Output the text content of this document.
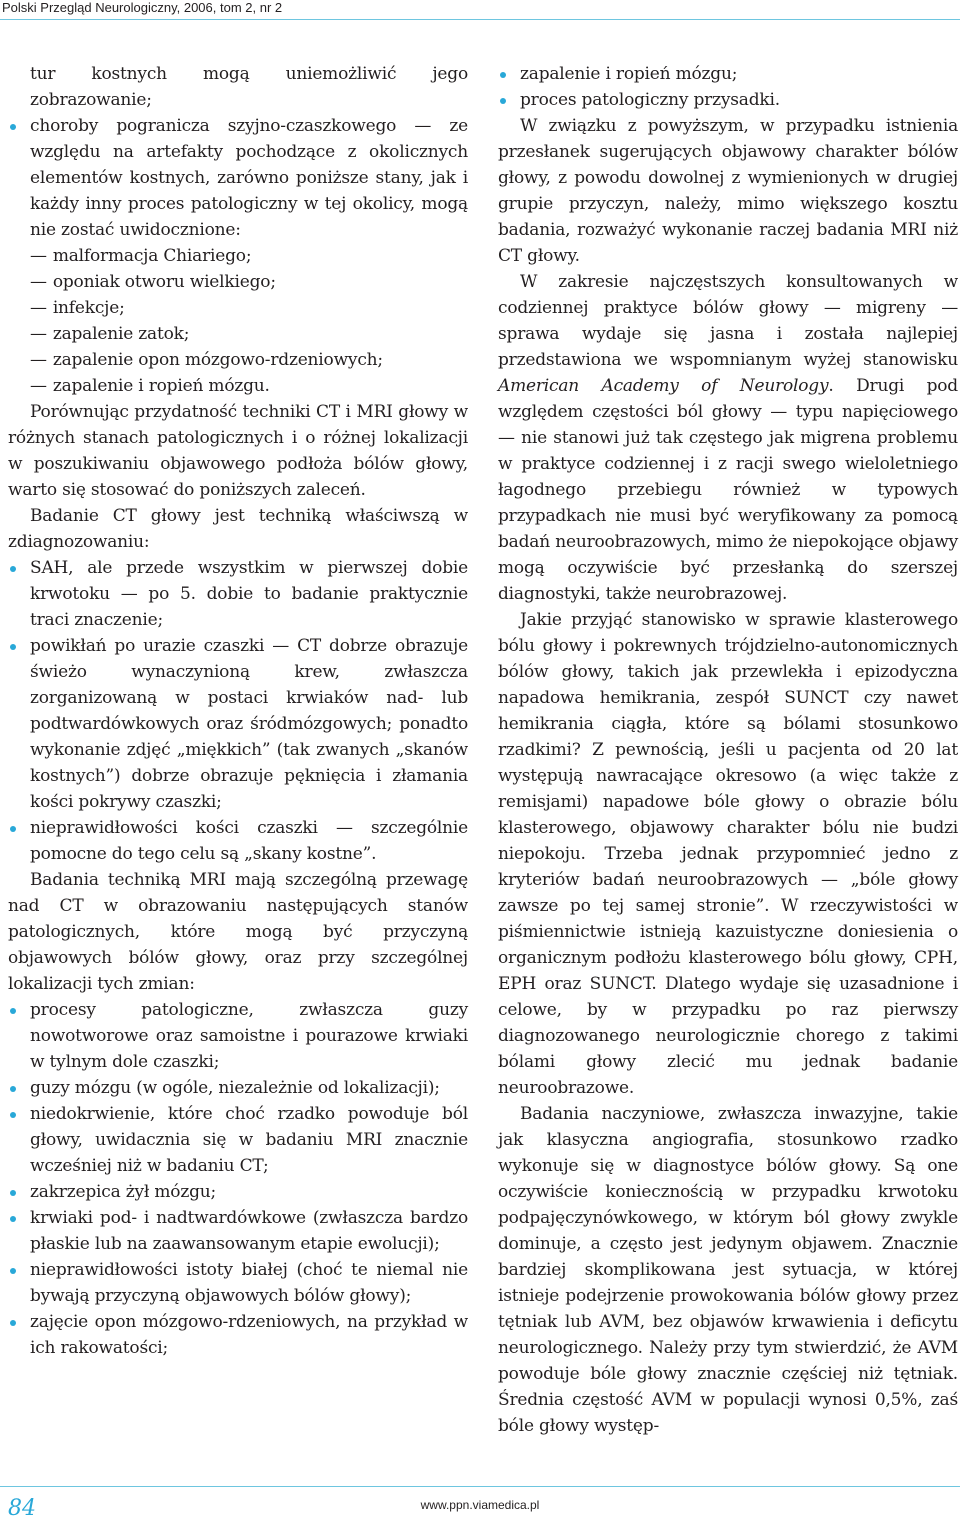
Polski Przegląd Neurologiczny, 2006, tom 2, nr 2

tur kostnych mogą uniemożliwić jego zobrazowanie;

choroby pogranicza szyjno-czaszkowego — ze względu na artefakty pochodzące z okolicznych elementów kostnych, zarówno poniższe stany, jak i każdy inny proces patologiczny w tej okolicy, mogą nie zostać uwidocznione:

— malformacja Chiariego;

— oponiak otworu wielkiego;

— infekcje;

— zapalenie zatok;

— zapalenie opon mózgowo-rdzeniowych;

— zapalenie i ropień mózgu.

Porównując przydatność techniki CT i MRI głowy w różnych stanach patologicznych i o różnej lokalizacji w poszukiwaniu objawowego podłoża bólów głowy, warto się stosować do poniższych zaleceń.

Badanie CT głowy jest techniką właściwszą w zdiagnozowaniu:

SAH, ale przede wszystkim w pierwszej dobie krwotoku — po 5. dobie to badanie praktycznie traci znaczenie;

powikłań po urazie czaszki — CT dobrze obrazuje świeżo wynaczynioną krew, zwłaszcza zorganizowaną w postaci krwiaków nad- lub podtwardówkowych oraz śródmózgowych; ponadto wykonanie zdjęć „miękkich” (tak zwanych „skanów kostnych”) dobrze obrazuje pęknięcia i złamania kości pokrywy czaszki;

nieprawidłowości kości czaszki — szczególnie pomocne do tego celu są „skany kostne”.

Badania techniką MRI mają szczególną przewagę nad CT w obrazowaniu następujących stanów patologicznych, które mogą być przyczyną objawowych bólów głowy, oraz przy szczególnej lokalizacji tych zmian:

procesy patologiczne, zwłaszcza guzy nowotworowe oraz samoistne i pourazowe krwiaki w tylnym dole czaszki;

guzy mózgu (w ogóle, niezależnie od lokalizacji);

niedokrwienie, które choć rzadko powoduje ból głowy, uwidacznia się w badaniu MRI znacznie wcześniej niż w badaniu CT;

zakrzepica żył mózgu;

krwiaki pod- i nadtwardówkowe (zwłaszcza bardzo płaskie lub na zaawansowanym etapie ewolucji);

nieprawidłowości istoty białej (choć te niemal nie bywają przyczyną objawowych bólów głowy);

zajęcie opon mózgowo-rdzeniowych, na przykład w ich rakowatości;

zapalenie i ropień mózgu;

proces patologiczny przysadki.

W związku z powyższym, w przypadku istnienia przesłanek sugerujących objawowy charakter bólów głowy, z powodu dowolnej z wymienionych w drugiej grupie przyczyn, należy, mimo większego kosztu badania, rozważyć wykonanie raczej badania MRI niż CT głowy.

W zakresie najczęstszych konsultowanych w codziennej praktyce bólów głowy — migreny — sprawa wydaje się jasna i została najlepiej przedstawiona we wspomnianym wyżej stanowisku American Academy of Neurology. Drugi pod względem częstości ból głowy — typu napięciowego — nie stanowi już tak częstego jak migrena problemu w praktyce codziennej i z racji swego wieloletniego łagodnego przebiegu również w typowych przypadkach nie musi być weryfikowany za pomocą badań neuroobrazowych, mimo że niepokojące objawy mogą oczywiście być przesłanką do szerszej diagnostyki, także neurobrazowej.

Jakie przyjąć stanowisko w sprawie klasterowego bólu głowy i pokrewnych trójdzielno-autonomicznych bólów głowy, takich jak przewlekła i epizodyczna napadowa hemikrania, zespół SUNCT czy nawet hemikrania ciągła, które są bólami stosunkowo rzadkimi? Z pewnością, jeśli u pacjenta od 20 lat występują nawracające okresowo (a więc także z remisjami) napadowe bóle głowy o obrazie bólu klasterowego, objawowy charakter bólu nie budzi niepokoju. Trzeba jednak przypomnieć jedno z kryteriów badań neuroobrazowych — „bóle głowy zawsze po tej samej stronie”. W rzeczywistości w piśmiennictwie istnieją kazuistyczne doniesienia o organicznym podłożu klasterowego bólu głowy, CPH, EPH oraz SUNCT. Dlatego wydaje się uzasadnione i celowe, by w przypadku po raz pierwszy diagnozowanego neurologicznie chorego z takimi bólami głowy zlecić mu jednak badanie neuroobrazowe.

Badania naczyniowe, zwłaszcza inwazyjne, takie jak klasyczna angiografia, stosunkowo rzadko wykonuje się w diagnostyce bólów głowy. Są one oczywiście koniecznością w przypadku krwotoku podpajęczynówkowego, w którym ból głowy zwykle dominuje, a często jest jedynym objawem. Znacznie bardziej skomplikowana jest sytuacja, w której istnieje podejrzenie prowokowania bólów głowy przez tętniak lub AVM, bez objawów krwawienia i deficytu neurologicznego. Należy przy tym stwierdzić, że AVM powoduje bóle głowy znacznie częściej niż tętniak. Średnia częstość AVM w populacji wynosi 0,5%, zaś bóle głowy występ-

84	www.ppn.viamedica.pl
